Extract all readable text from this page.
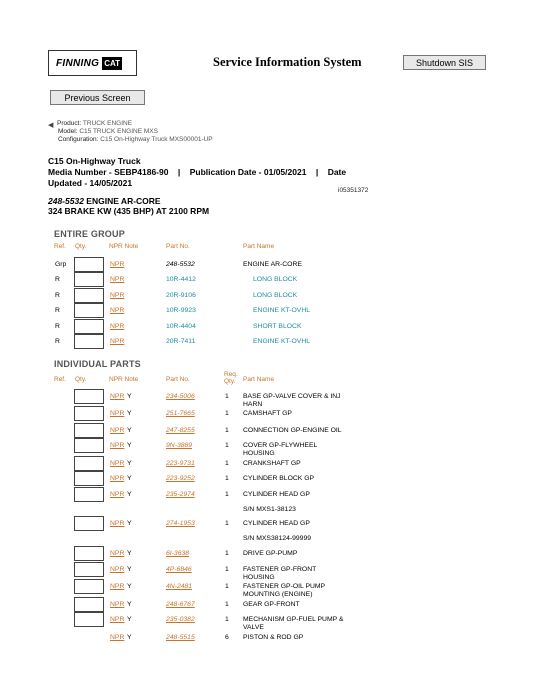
FINNING CAT	Service Information System	Shutdown SIS
Previous Screen
◀ Product: TRUCK ENGINE
Model: C15 TRUCK ENGINE MXS
Configuration: C15 On-Highway Truck MXS00001-UP
C15 On-Highway Truck
Media Number - SEBP4186-90    |    Publication Date - 01/05/2021    |    Date
Updated - 14/05/2021
i05351372
248-5532 ENGINE AR-CORE
324 BRAKE KW (435 BHP) AT 2100 RPM
ENTIRE GROUP
Ref. Qty.	NPR Note	Part No.	Part Name
Grp	NPR	248-5532	ENGINE AR-CORE
R	NPR	10R-4412	LONG BLOCK
R	NPR	20R-9106	LONG BLOCK
R	NPR	10R-9923	ENGINE KT-OVHL
R	NPR	10R-4404	SHORT BLOCK
R	NPR	20R-7411	ENGINE KT-OVHL
INDIVIDUAL PARTS
Ref. Qty.	NPR Note	Part No.
Req.
Qty.	Part Name
NPR Y	234-5006	1 BASE GP-VALVE COVER & INJ
HARN
NPR Y	251-7665	1 CAMSHAFT GP
NPR Y	247-8255	1 CONNECTION GP-ENGINE OIL
NPR Y	9N-3889	1 COVER GP-FLYWHEEL
HOUSING
NPR Y	223-9731	1 CRANKSHAFT GP
NPR Y	223-9252	1 CYLINDER BLOCK GP
NPR Y	235-2974	1 CYLINDER HEAD GP
S/N MXS1-38123
NPR Y	274-1953	1 CYLINDER HEAD GP
S/N MXS38124-99999
NPR Y	6I-3638	1 DRIVE GP-PUMP
NPR Y	4P-6846	1 FASTENER GP-FRONT
HOUSING
NPR Y	4N-2481	1 FASTENER GP-OIL PUMP
MOUNTING (ENGINE)
NPR Y	248-6767	1 GEAR GP-FRONT
NPR Y	235-0382	1 MECHANISM GP-FUEL PUMP &
VALVE
NPR Y	248-5515	6 PISTON & ROD GP
